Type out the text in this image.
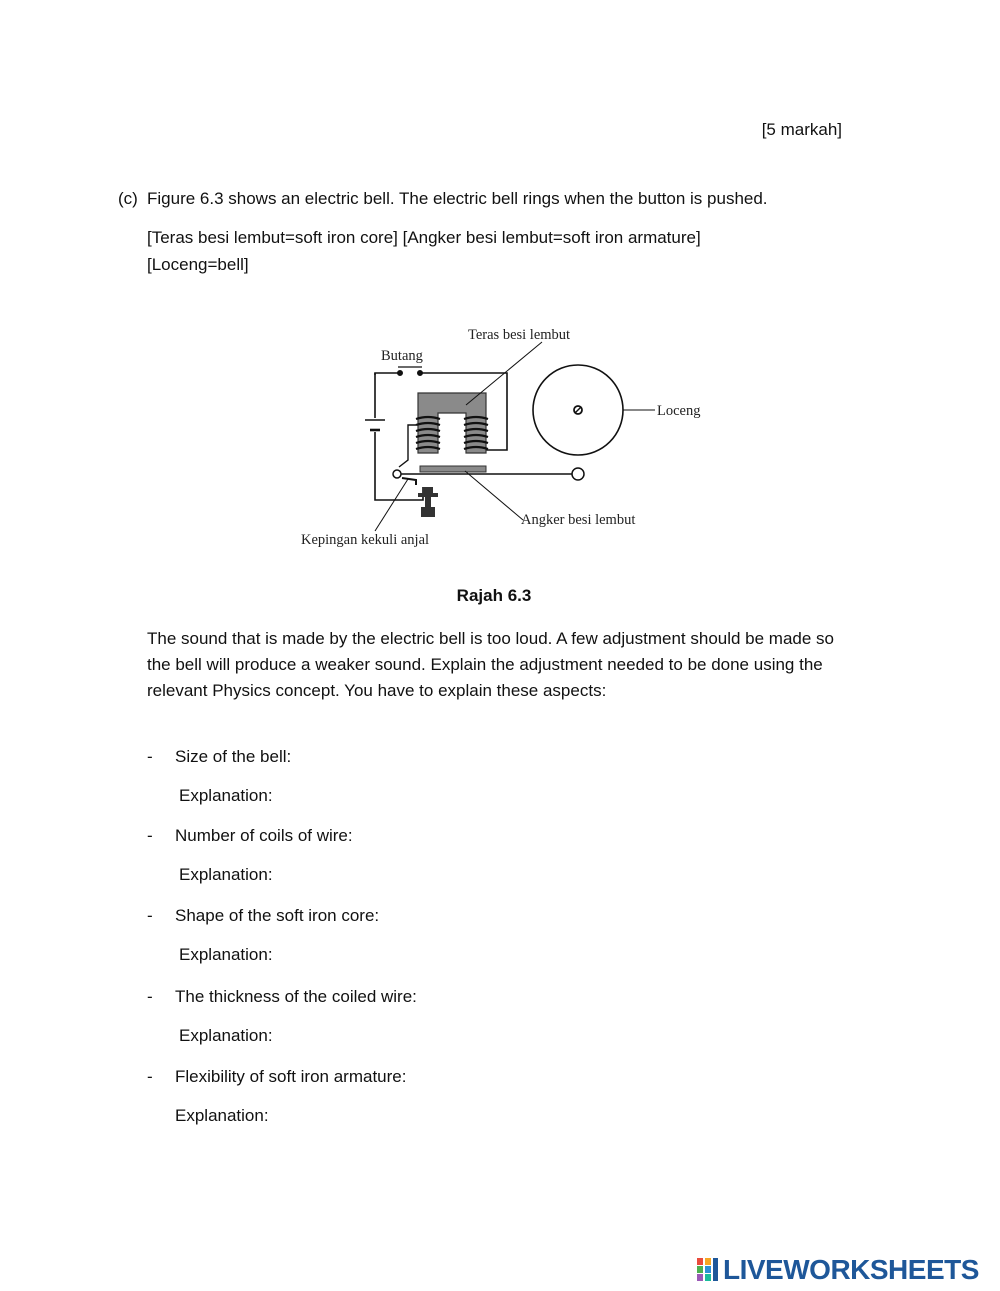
[5 markah]

(c) Figure 6.3 shows an electric bell. The electric bell rings when the button is pushed.

[Teras besi lembut=soft iron core] [Angker besi lembut=soft iron armature]

[Loceng=bell]

Teras besi lembut
Butang
Loceng
Angker besi lembut
Kepingan kekuli anjal

Rajah 6.3

The sound that is made by the electric bell is too loud. A few adjustment should be made so the bell will produce a weaker sound. Explain the adjustment needed to be done using the relevant Physics concept. You have to explain these aspects:

- Size of the bell:

Explanation:

- Number of coils of wire:

Explanation:

- Shape of the soft iron core:

Explanation:

- The thickness of the coiled wire:

Explanation:

- Flexibility of soft iron armature:

Explanation:

LIVEWORKSHEETS
